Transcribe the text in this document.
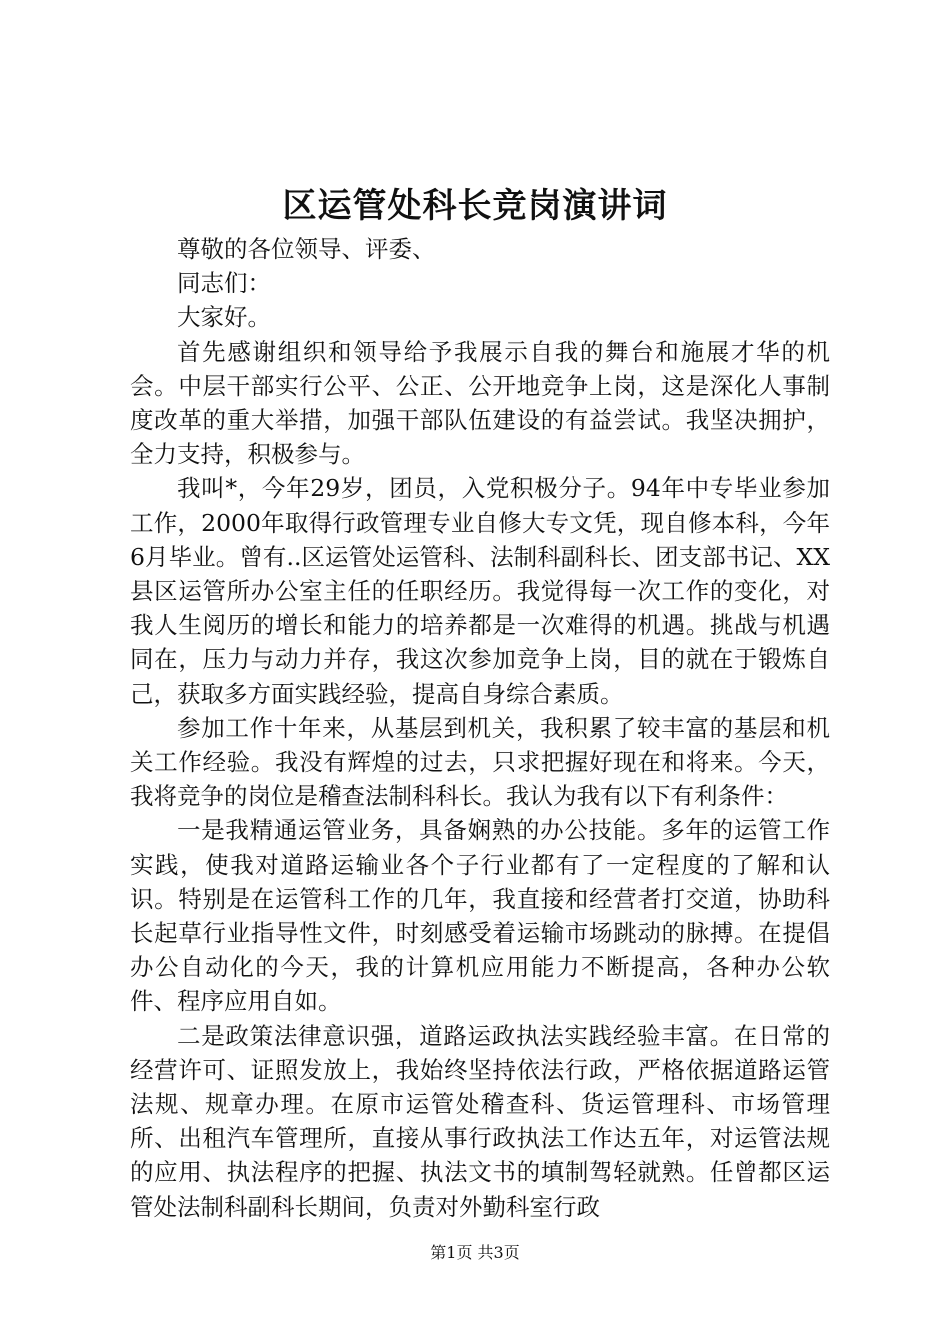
区运管处科长竞岗演讲词

尊敬的各位领导、评委、

同志们：

大家好。

首先感谢组织和领导给予我展示自我的舞台和施展才华的机会。中层干部实行公平、公正、公开地竞争上岗，这是深化人事制度改革的重大举措，加强干部队伍建设的有益尝试。我坚决拥护，全力支持，积极参与。

我叫*，今年29岁，团员，入党积极分子。94年中专毕业参加工作，2000年取得行政管理专业自修大专文凭，现自修本科，今年6月毕业。曾有..区运管处运管科、法制科副科长、团支部书记、XX县区运管所办公室主任的任职经历。我觉得每一次工作的变化，对我人生阅历的增长和能力的培养都是一次难得的机遇。挑战与机遇同在，压力与动力并存，我这次参加竞争上岗，目的就在于锻炼自己，获取多方面实践经验，提高自身综合素质。

参加工作十年来，从基层到机关，我积累了较丰富的基层和机关工作经验。我没有辉煌的过去，只求把握好现在和将来。今天，我将竞争的岗位是稽查法制科科长。我认为我有以下有利条件：

一是我精通运管业务，具备娴熟的办公技能。多年的运管工作实践，使我对道路运输业各个子行业都有了一定程度的了解和认识。特别是在运管科工作的几年，我直接和经营者打交道，协助科长起草行业指导性文件，时刻感受着运输市场跳动的脉搏。在提倡办公自动化的今天，我的计算机应用能力不断提高，各种办公软件、程序应用自如。

二是政策法律意识强，道路运政执法实践经验丰富。在日常的经营许可、证照发放上，我始终坚持依法行政，严格依据道路运管法规、规章办理。在原市运管处稽查科、货运管理科、市场管理所、出租汽车管理所，直接从事行政执法工作达五年，对运管法规的应用、执法程序的把握、执法文书的填制驾轻就熟。任曾都区运管处法制科副科长期间，负责对外勤科室行政

第1页 共3页
